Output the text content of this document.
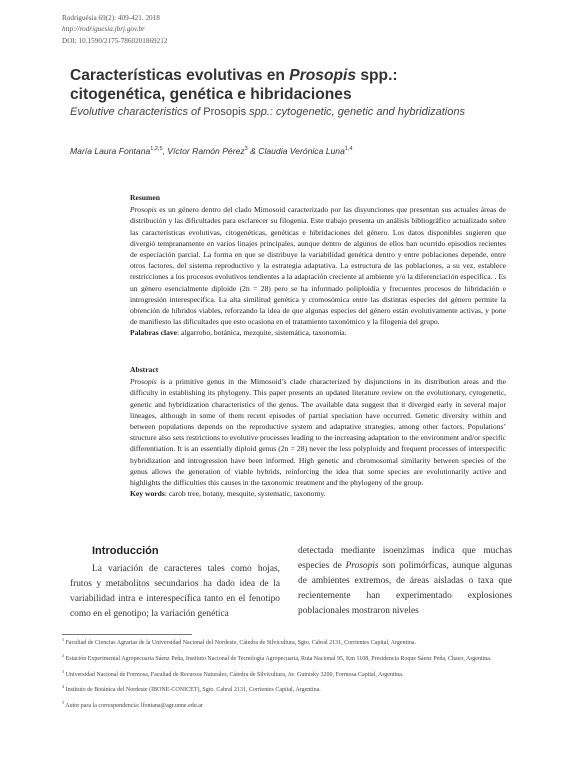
Rodriguésia 69(2): 409-421. 2018
http://rodriguesia.jbrj.gov.br
DOI: 10.1590/2175-7860201869212
Características evolutivas en Prosopis spp.:
citogenética, genética e hibridaciones

Evolutive characteristics of Prosopis spp.: cytogenetic, genetic and hybridizations

María Laura Fontana$^{1,2,5}$, Víctor Ramón Pérez$^3$ & Claudia Verónica Luna$^{1,4}$
Resumen

Prosopis es un género dentro del clado Mimosoid caracterizado por las disyunciones que presentan sus actuales áreas de distribución y las dificultades para esclarecer su filogenia. Este trabajo presenta un análisis bibliográfico actualizado sobre las características evolutivas, citogenéticas, genéticas e hibridaciones del género. Los datos disponibles sugieren que divergió tempranamente en varios linajes principales, aunque dentro de algunos de ellos han ocurrido episodios recientes de especiación parcial. La forma en que se distribuye la variabilidad genética dentro y entre poblaciones depende, entre otros factores, del sistema reproductivo y la estrategia adaptativa. La estructura de las poblaciones, a su vez, establece restricciones a los procesos evolutivos tendientes a la adaptación creciente al ambiente y/o la diferenciación específica. . Es un género esencialmente diploide (2n = 28) pero se ha informado poliploidía y frecuentes procesos de hibridación e introgresión interespecífica. La alta similitud genética y cromosómica entre las distintas especies del género permite la obtención de híbridos viables, reforzando la idea de que algunas especies del género están evolutivamente activas, y pone de manifiesto las dificultades que esto ocasiona en el tratamiento taxonómico y la filogenia del grupo.

Palabras clave: algarrobo, botánica, mezquite, sistemática, taxonomía.

Abstract

Prosopis is a primitive genus in the Mimosoid’s clade characterized by disjunctions in its distribution areas and the difficulty in establishing its phylogeny. This paper presents an updated literature review on the evolutionary, cytogenetic, genetic and hybridization characteristics of the genus. The available data suggest that it diverged early in several major lineages, although in some of them recent episodes of partial speciation have occurred. Genetic diversity within and between populations depends on the reproductive system and adaptative strategies, among other factors. Populations’ structure also sets restrictions to evolutive processes leading to the increasing adaptation to the environment and/or specific differentiation. It is an essentially diploid genus (2n = 28) never the less polyploidy and frequent processes of interspecific hybridization and introgression have been informed. High genetic and chromosomal similarity between species of the genus allows the generation of viable hybrids, reinforcing the idea that some species are evolutionarily active and highlights the difficulties this causes in the taxonomic treatment and the phylogeny of the group.

Key words: carob tree, botany, mesquite, systematic, taxonomy.

Introducción

La variación de caracteres tales como hojas, frutos y metabolitos secundarios ha dado idea de la variabilidad intra e interespecífica tanto en el fenotipo como en el genotipo; la variación genética

detectada mediante isoenzimas indica que muchas especies de Prosopis son polimórficas, aunque algunas de ambientes extremos, de áreas aisladas o taxa que recientemente han experimentado explosiones poblacionales mostraron niveles

$^1$ Facultad de Ciencias Agrarias de la Universidad Nacional del Nordeste, Cátedra de Silvicultura, Sgto. Cabral 2131, Corrientes Capital, Argentina.

$^2$ Estación Experimental Agropecuaria Sáenz Peña, Instituto Nacional de Tecnología Agropecuaria, Ruta Nacional 95, Km 1108, Presidencia Roque Sáenz Peña, Chaco, Argentina.

$^3$ Universidad Nacional de Formosa, Facultad de Recursos Naturales, Cátedra de Silvicultura, Av. Gutnisky 3200, Formosa Capital, Argentina.

$^4$ Instituto de Botánica del Nordeste (IBONE-CONICET), Sgto. Cabral 2131, Corrientes Capital, Argentina.

$^5$ Autor para la correspondencia: lfontana@agr.unne.edu.ar
